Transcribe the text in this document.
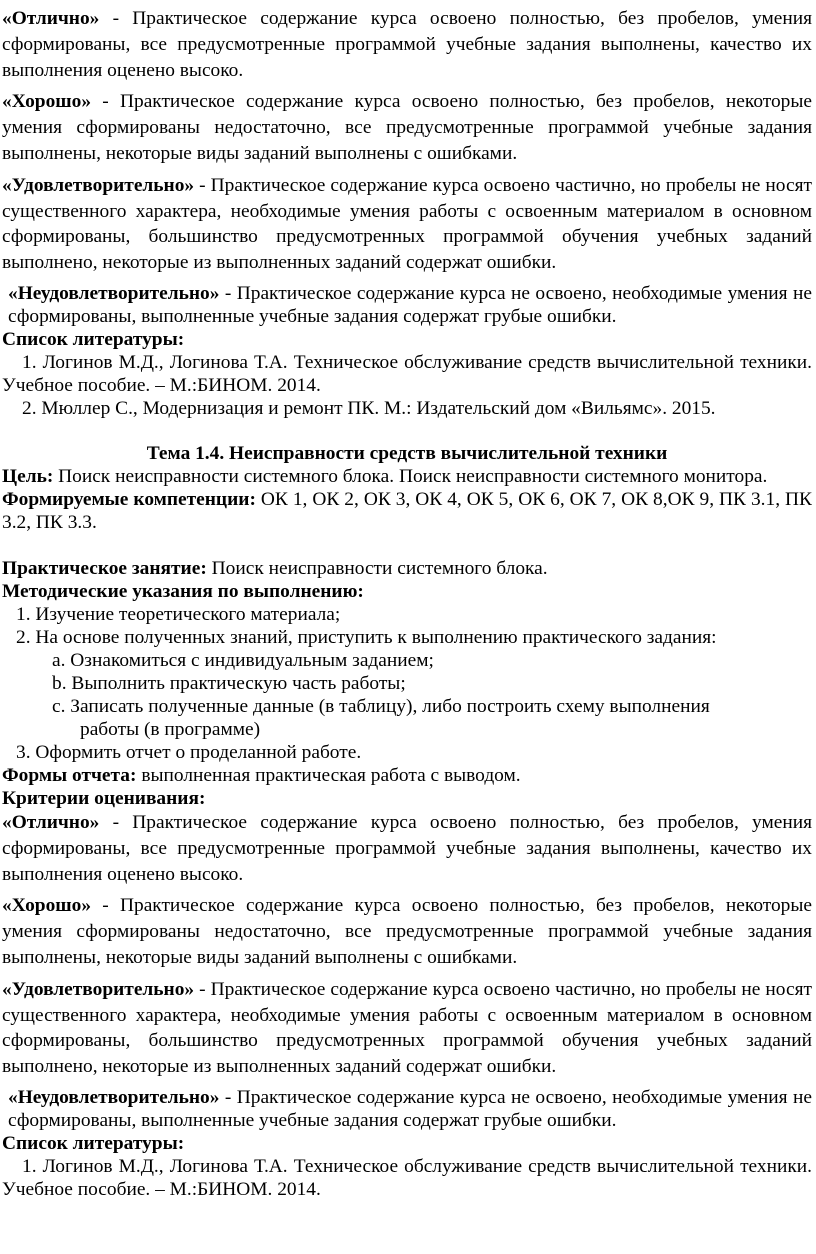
«Отлично» - Практическое содержание курса освоено полностью, без пробелов, умения сформированы, все предусмотренные программой учебные задания выполнены, качество их выполнения оценено высоко.

«Хорошо» - Практическое содержание курса освоено полностью, без пробелов, некоторые умения сформированы недостаточно, все предусмотренные программой учебные задания выполнены, некоторые виды заданий выполнены с ошибками.

«Удовлетворительно» - Практическое содержание курса освоено частично, но пробелы не носят существенного характера, необходимые умения работы с освоенным материалом в основном сформированы, большинство предусмотренных программой обучения учебных заданий выполнено, некоторые из выполненных заданий содержат ошибки.

«Неудовлетворительно» - Практическое содержание курса не освоено, необходимые умения не сформированы, выполненные учебные задания содержат грубые ошибки.

Список литературы:

1. Логинов М.Д., Логинова Т.А. Техническое обслуживание средств вычислительной техники. Учебное пособие. – М.:БИНОМ. 2014.

2. Мюллер С., Модернизация и ремонт ПК. М.: Издательский дом «Вильямс». 2015.

Тема 1.4. Неисправности средств вычислительной техники

Цель: Поиск неисправности системного блока. Поиск неисправности системного монитора.

Формируемые компетенции: ОК 1, ОК 2, ОК 3, ОК 4, ОК 5, ОК 6, ОК 7, ОК 8,ОК 9, ПК 3.1, ПК 3.2, ПК 3.3.

Практическое занятие: Поиск неисправности системного блока.

Методические указания по выполнению:

1. Изучение теоретического материала;

2. На основе полученных знаний, приступить к выполнению практического задания:

a. Ознакомиться с индивидуальным заданием;

b. Выполнить практическую часть работы;

c. Записать полученные данные (в таблицу), либо построить схему выполнения

работы (в программе)

3. Оформить отчет о проделанной работе.

Формы отчета: выполненная практическая работа с выводом.

Критерии оценивания:

«Отлично» - Практическое содержание курса освоено полностью, без пробелов, умения сформированы, все предусмотренные программой учебные задания выполнены, качество их выполнения оценено высоко.

«Хорошо» - Практическое содержание курса освоено полностью, без пробелов, некоторые умения сформированы недостаточно, все предусмотренные программой учебные задания выполнены, некоторые виды заданий выполнены с ошибками.

«Удовлетворительно» - Практическое содержание курса освоено частично, но пробелы не носят существенного характера, необходимые умения работы с освоенным материалом в основном сформированы, большинство предусмотренных программой обучения учебных заданий выполнено, некоторые из выполненных заданий содержат ошибки.

«Неудовлетворительно» - Практическое содержание курса не освоено, необходимые умения не сформированы, выполненные учебные задания содержат грубые ошибки.

Список литературы:

1. Логинов М.Д., Логинова Т.А. Техническое обслуживание средств вычислительной техники. Учебное пособие. – М.:БИНОМ. 2014.
